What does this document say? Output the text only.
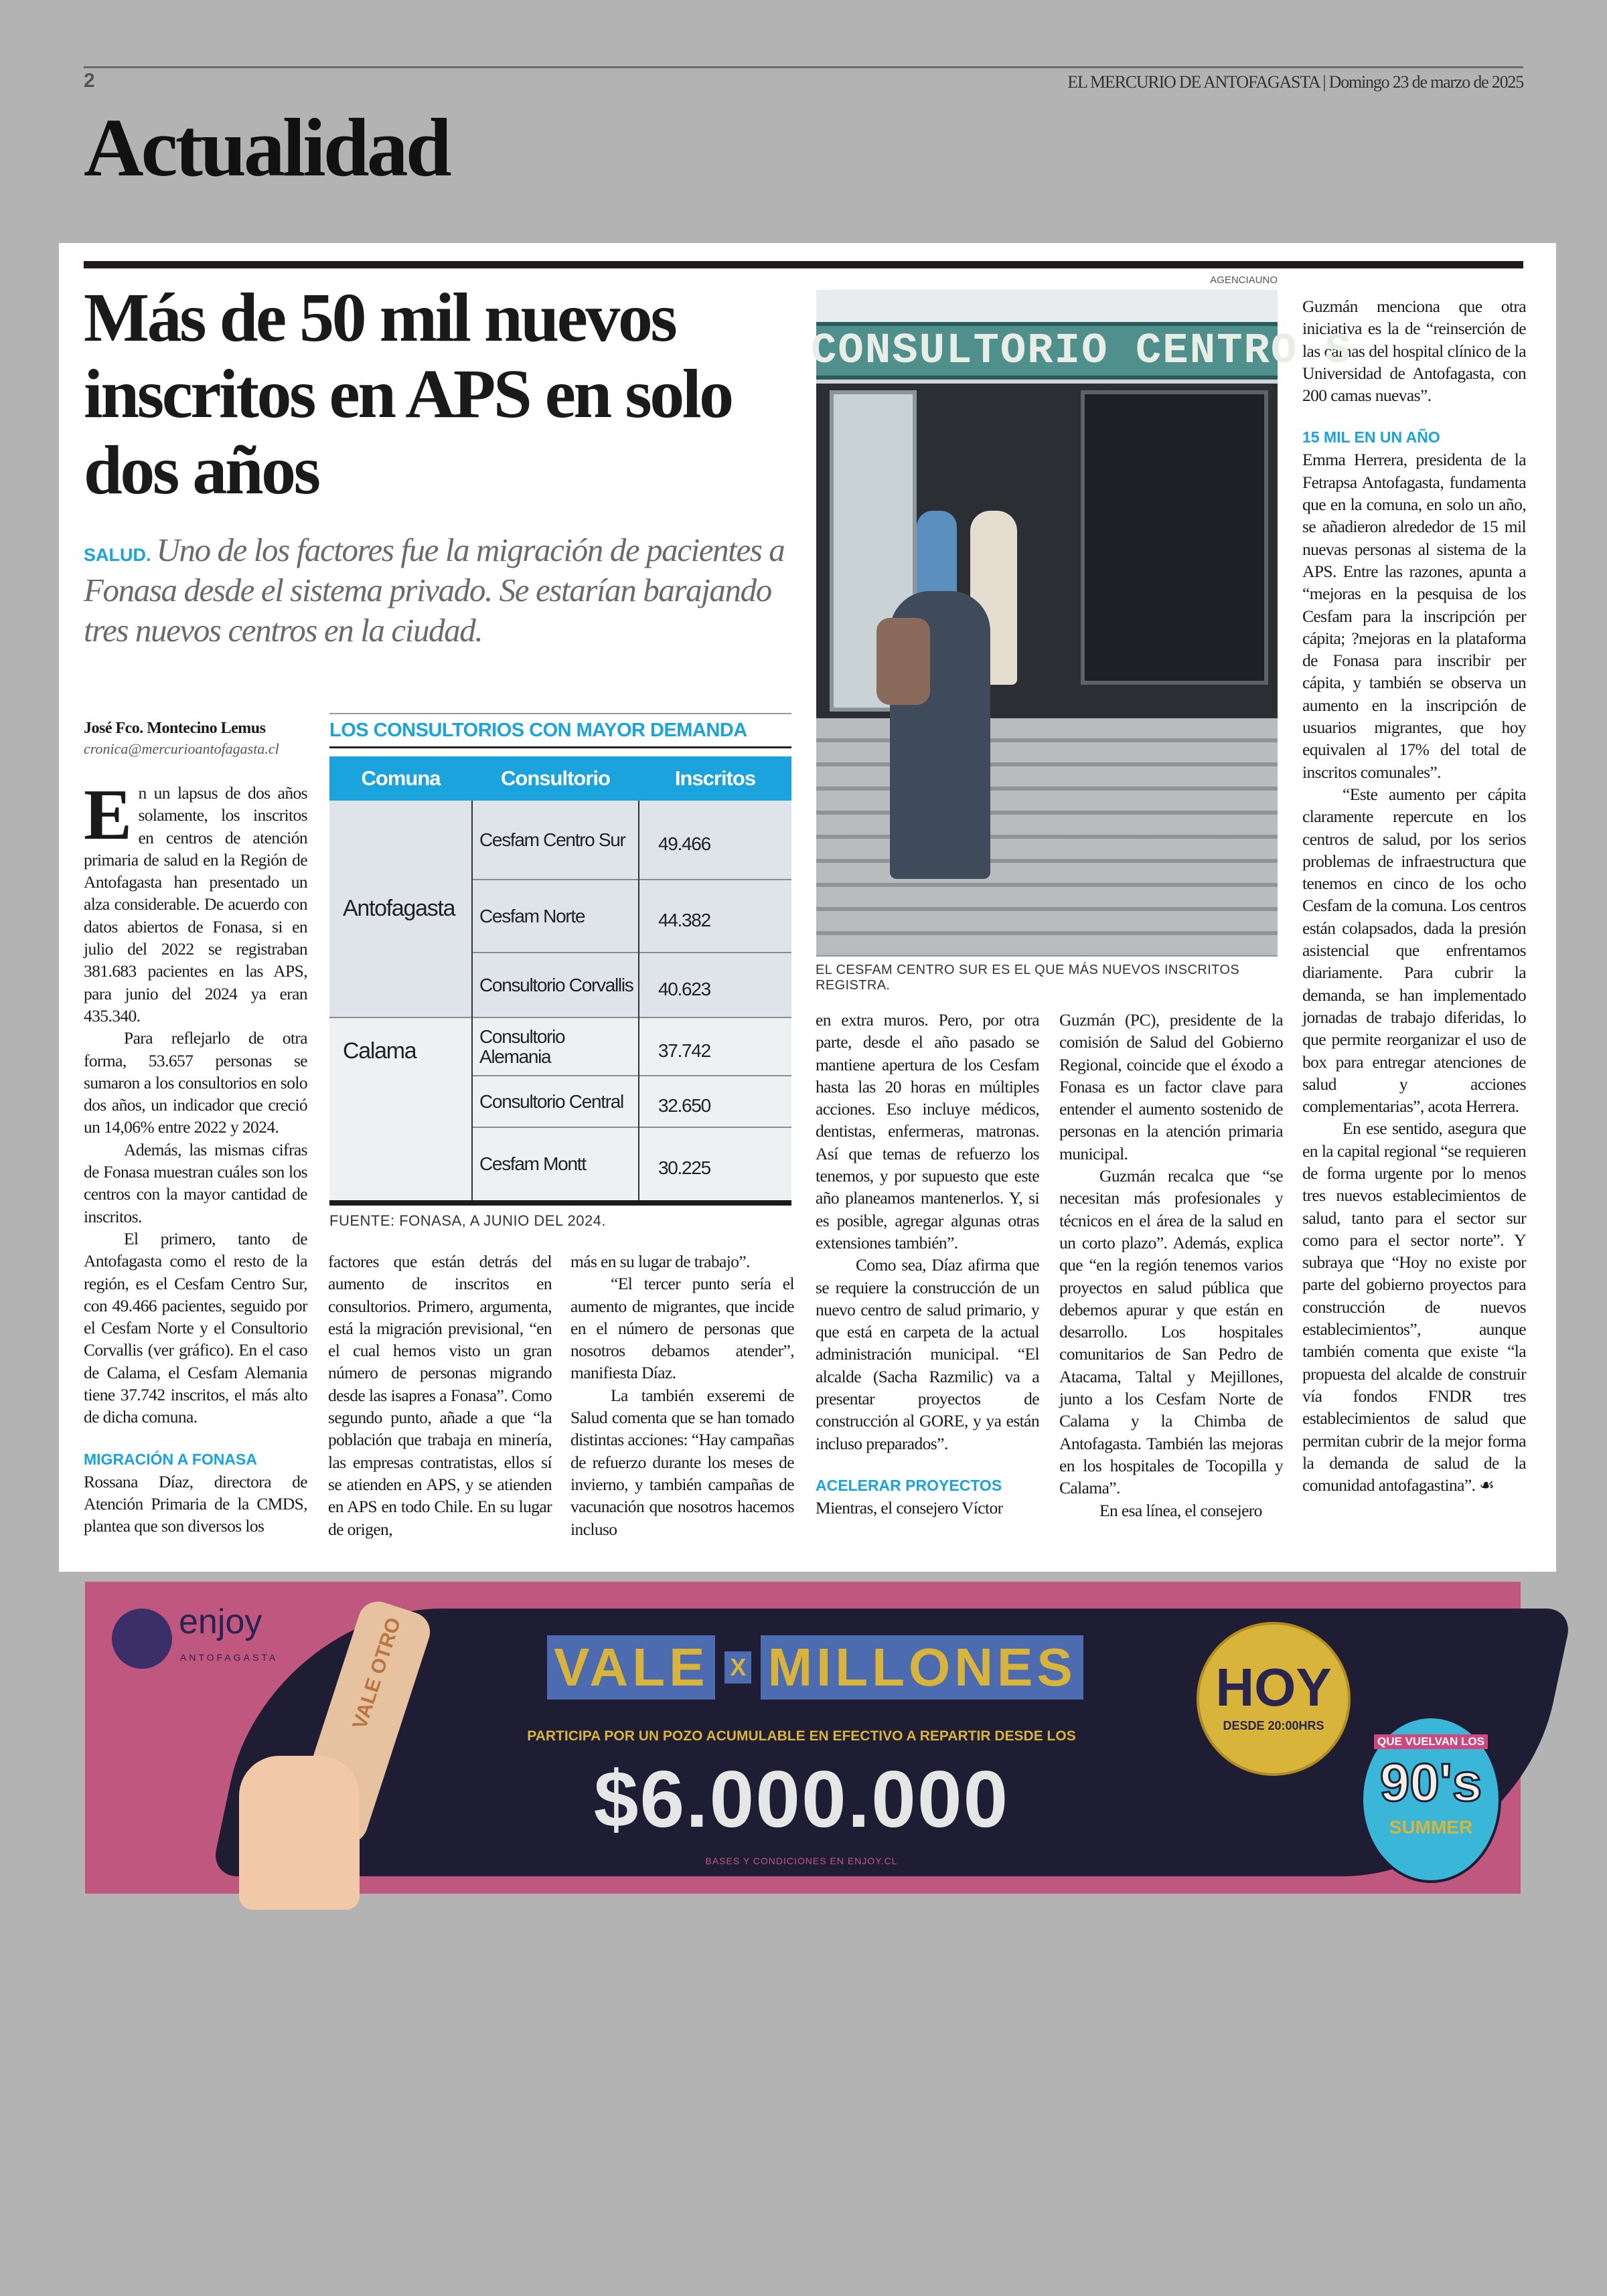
2	EL MERCURIO DE ANTOFAGASTA | Domingo 23 de marzo de 2025
Actualidad
Más de 50 mil nuevos inscritos en APS en solo dos años
SALUD. Uno de los factores fue la migración de pacientes a Fonasa desde el sistema privado. Se estarían barajando tres nuevos centros en la ciudad.
José Fco. Montecino Lemus
cronica@mercurioantofagasta.cl

En un lapsus de dos años solamente, los inscritos en centros de atención primaria de salud en la Región de Antofagasta han presentado un alza considerable. De acuerdo con datos abiertos de Fonasa, si en julio del 2022 se registraban 381.683 pacientes en las APS, para junio del 2024 ya eran 435.340.

Para reflejarlo de otra forma, 53.657 personas se sumaron a los consultorios en solo dos años, un indicador que creció un 14,06% entre 2022 y 2024.

Además, las mismas cifras de Fonasa muestran cuáles son los centros con la mayor cantidad de inscritos.

El primero, tanto de Antofagasta como el resto de la región, es el Cesfam Centro Sur, con 49.466 pacientes, seguido por el Cesfam Norte y el Consultorio Corvallis (ver gráfico). En el caso de Calama, el Cesfam Alemania tiene 37.742 inscritos, el más alto de dicha comuna.

MIGRACIÓN A FONASA

Rossana Díaz, directora de Atención Primaria de la CMDS, plantea que son diversos los

factores que están detrás del aumento de inscritos en consultorios. Primero, argumenta, está la migración previsional, “en el cual hemos visto un gran número de personas migrando desde las isapres a Fonasa”. Como segundo punto, añade a que “la población que trabaja en minería, las empresas contratistas, ellos sí se atienden en APS, y se atienden en APS en todo Chile. En su lugar de origen,

más en su lugar de trabajo”.

“El tercer punto sería el aumento de migrantes, que incide en el número de personas que nosotros debamos atender”, manifiesta Díaz.

La también exseremi de Salud comenta que se han tomado distintas acciones: “Hay campañas de refuerzo durante los meses de invierno, y también campañas de vacunación que nosotros hacemos incluso

en extra muros. Pero, por otra parte, desde el año pasado se mantiene apertura de los Cesfam hasta las 20 horas en múltiples acciones. Eso incluye médicos, dentistas, enfermeras, matronas. Así que temas de refuerzo los tenemos, y por supuesto que este año planeamos mantenerlos. Y, si es posible, agregar algunas otras extensiones también”.

Como sea, Díaz afirma que se requiere la construcción de un nuevo centro de salud primario, y que está en carpeta de la actual administración municipal. “El alcalde (Sacha Razmilic) va a presentar proyectos de construcción al GORE, y ya están incluso preparados”.

ACELERAR PROYECTOS

Mientras, el consejero Víctor

Guzmán (PC), presidente de la comisión de Salud del Gobierno Regional, coincide que el éxodo a Fonasa es un factor clave para entender el aumento sostenido de personas en la atención primaria municipal.

Guzmán recalca que “se necesitan más profesionales y técnicos en el área de la salud en un corto plazo”. Además, explica que “en la región tenemos varios proyectos en salud pública que debemos apurar y que están en desarrollo. Los hospitales comunitarios de San Pedro de Atacama, Taltal y Mejillones, junto a los Cesfam Norte de Calama y la Chimba de Antofagasta. También las mejoras en los hospitales de Tocopilla y Calama”.

En esa línea, el consejero

Guzmán menciona que otra iniciativa es la de “reinserción de las camas del hospital clínico de la Universidad de Antofagasta, con 200 camas nuevas”.

15 MIL EN UN AÑO

Emma Herrera, presidenta de la Fetrapsa Antofagasta, fundamenta que en la comuna, en solo un año, se añadieron alrededor de 15 mil nuevas personas al sistema de la APS. Entre las razones, apunta a “mejoras en la pesquisa de los Cesfam para la inscripción per cápita; ?mejoras en la plataforma de Fonasa para inscribir per cápita, y también se observa un aumento en la inscripción de usuarios migrantes, que hoy equivalen al 17% del total de inscritos comunales”.

“Este aumento per cápita claramente repercute en los centros de salud, por los serios problemas de infraestructura que tenemos en cinco de los ocho Cesfam de la comuna. Los centros están colapsados, dada la presión asistencial que enfrentamos diariamente. Para cubrir la demanda, se han implementado jornadas de trabajo diferidas, lo que permite reorganizar el uso de box para entregar atenciones de salud y acciones complementarias”, acota Herrera.

En ese sentido, asegura que en la capital regional “se requieren de forma urgente por lo menos tres nuevos establecimientos de salud, tanto para el sector sur como para el sector norte”. Y subraya que “Hoy no existe por parte del gobierno proyectos para construcción de nuevos establecimientos”, aunque también comenta que existe “la propuesta del alcalde de construir vía fondos FNDR tres establecimientos de salud que permitan cubrir de la mejor forma la demanda de salud de la comunidad antofagastina”. ☙

LOS CONSULTORIOS CON MAYOR DEMANDA
Comuna	Consultorio	Inscritos
Antofagasta	Cesfam Centro Sur	49.466
	Cesfam Norte	44.382
	Consultorio Corvallis	40.623
Calama	Consultorio Alemania	37.742
	Consultorio Central	32.650
	Cesfam Montt	30.225
FUENTE: FONASA, A JUNIO DEL 2024.
AGENCIAUNO
CONSULTORIO CENTRO S
EL CESFAM CENTRO SUR ES EL QUE MÁS NUEVOS INSCRITOS REGISTRA.
enjoy
ANTOFAGASTA	VALE OTRO	VALE X MILLONES
PARTICIPA POR UN POZO ACUMULABLE EN EFECTIVO A REPARTIR DESDE LOS
$6.000.000
BASES Y CONDICIONES EN ENJOY.CL
HOY
DESDE 20:00HRS
QUE VUELVAN LOS
90's
SUMMER
